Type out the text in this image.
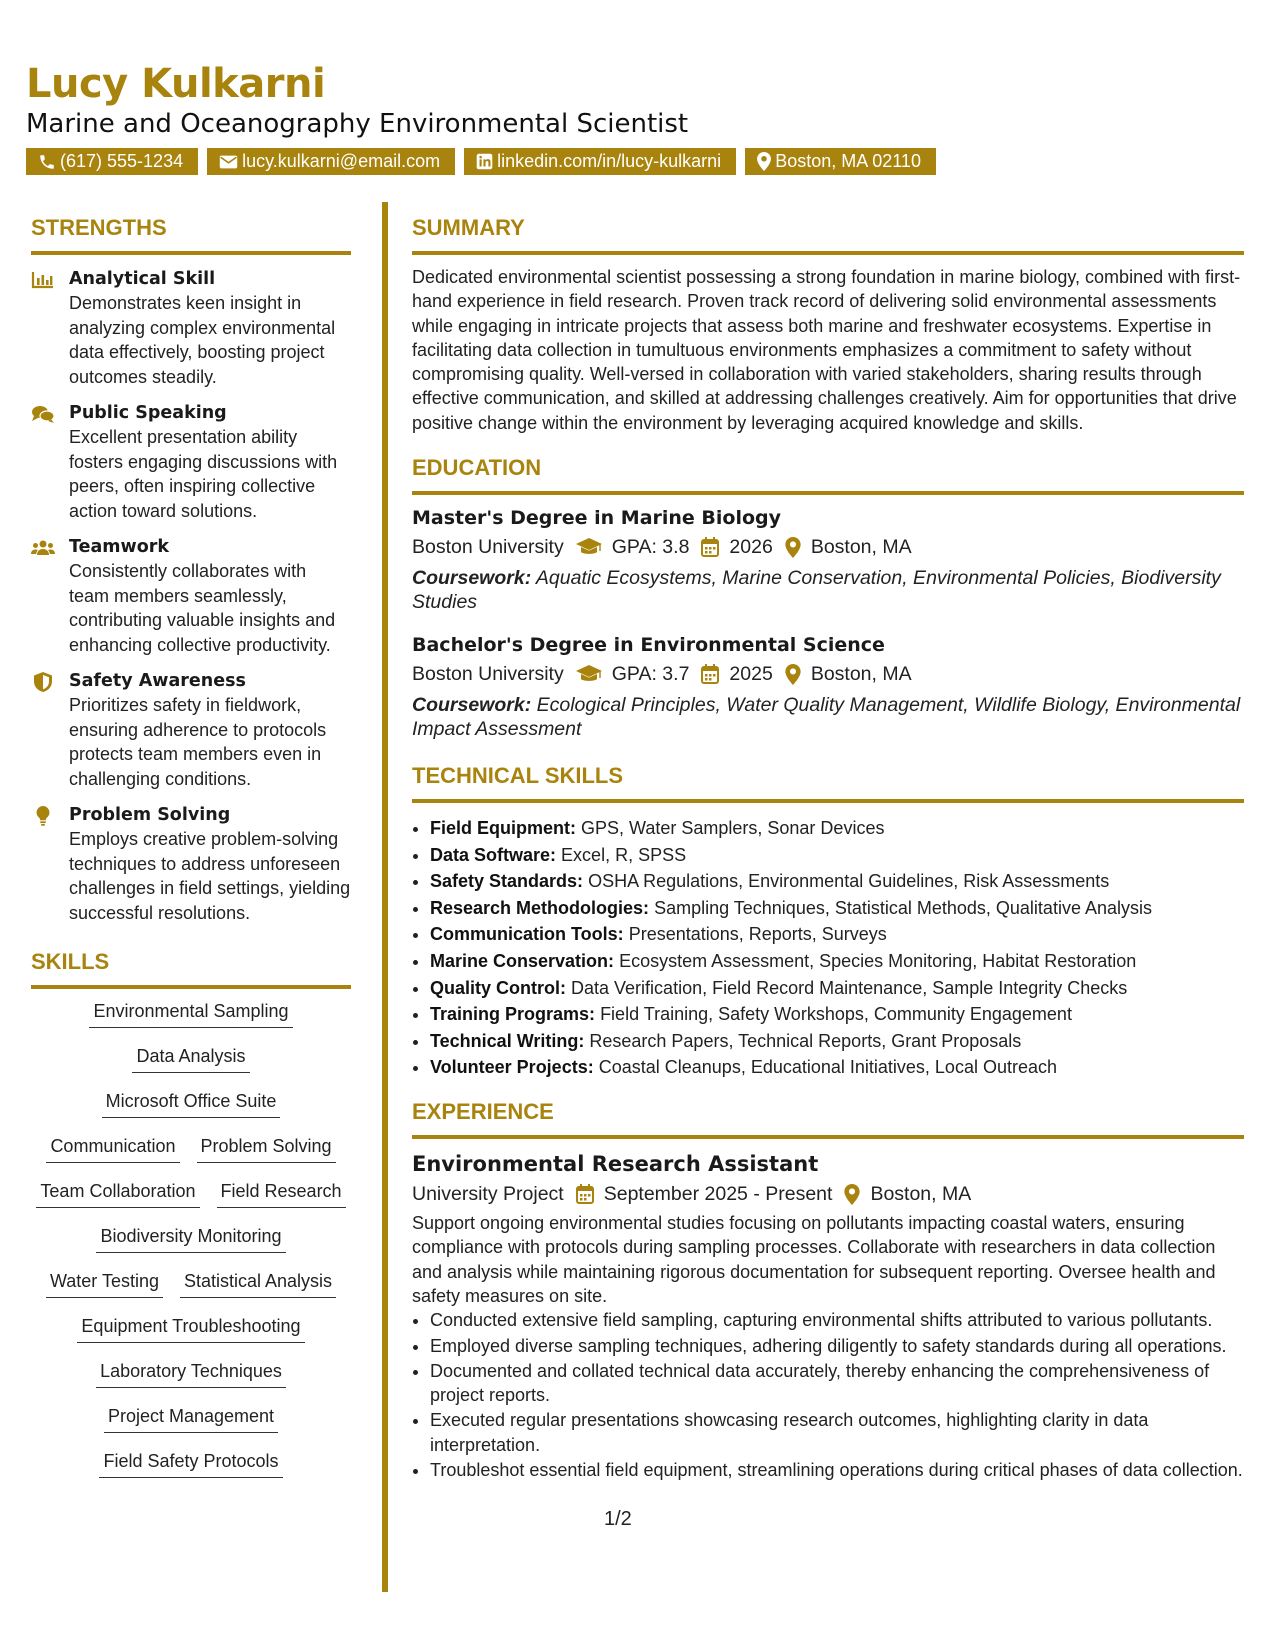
Lucy Kulkarni
Marine and Oceanography Environmental Scientist
(617) 555-1234	lucy.kulkarni@email.com	linkedin.com/in/lucy-kulkarni	Boston, MA 02110
STRENGTHS
Analytical Skill
Demonstrates keen insight in analyzing complex environmental data effectively, boosting project outcomes steadily.
Public Speaking
Excellent presentation ability fosters engaging discussions with peers, often inspiring collective action toward solutions.
Teamwork
Consistently collaborates with team members seamlessly, contributing valuable insights and enhancing collective productivity.
Safety Awareness
Prioritizes safety in fieldwork, ensuring adherence to protocols protects team members even in challenging conditions.
Problem Solving
Employs creative problem-solving techniques to address unforeseen challenges in field settings, yielding successful resolutions.
SKILLS
Environmental Sampling
Data Analysis
Microsoft Office Suite
Communication Problem Solving
Team Collaboration Field Research
Biodiversity Monitoring
Water Testing Statistical Analysis
Equipment Troubleshooting
Laboratory Techniques
Project Management
Field Safety Protocols
SUMMARY
Dedicated environmental scientist possessing a strong foundation in marine biology, combined with first-hand experience in field research. Proven track record of delivering solid environmental assessments while engaging in intricate projects that assess both marine and freshwater ecosystems. Expertise in facilitating data collection in tumultuous environments emphasizes a commitment to safety without compromising quality. Well-versed in collaboration with varied stakeholders, sharing results through effective communication, and skilled at addressing challenges creatively. Aim for opportunities that drive positive change within the environment by leveraging acquired knowledge and skills.
EDUCATION
Master's Degree in Marine Biology
Boston University GPA: 3.8 2026 Boston, MA
Coursework: Aquatic Ecosystems, Marine Conservation, Environmental Policies, Biodiversity Studies
Bachelor's Degree in Environmental Science
Boston University GPA: 3.7 2025 Boston, MA
Coursework: Ecological Principles, Water Quality Management, Wildlife Biology, Environmental Impact Assessment
TECHNICAL SKILLS
• Field Equipment: GPS, Water Samplers, Sonar Devices
• Data Software: Excel, R, SPSS
• Safety Standards: OSHA Regulations, Environmental Guidelines, Risk Assessments
• Research Methodologies: Sampling Techniques, Statistical Methods, Qualitative Analysis
• Communication Tools: Presentations, Reports, Surveys
• Marine Conservation: Ecosystem Assessment, Species Monitoring, Habitat Restoration
• Quality Control: Data Verification, Field Record Maintenance, Sample Integrity Checks
• Training Programs: Field Training, Safety Workshops, Community Engagement
• Technical Writing: Research Papers, Technical Reports, Grant Proposals
• Volunteer Projects: Coastal Cleanups, Educational Initiatives, Local Outreach
EXPERIENCE
Environmental Research Assistant
University Project September 2025 - Present Boston, MA
Support ongoing environmental studies focusing on pollutants impacting coastal waters, ensuring compliance with protocols during sampling processes. Collaborate with researchers in data collection and analysis while maintaining rigorous documentation for subsequent reporting. Oversee health and safety measures on site.
• Conducted extensive field sampling, capturing environmental shifts attributed to various pollutants.
• Employed diverse sampling techniques, adhering diligently to safety standards during all operations.
• Documented and collated technical data accurately, thereby enhancing the comprehensiveness of project reports.
• Executed regular presentations showcasing research outcomes, highlighting clarity in data interpretation.
• Troubleshot essential field equipment, streamlining operations during critical phases of data collection.
1/2
